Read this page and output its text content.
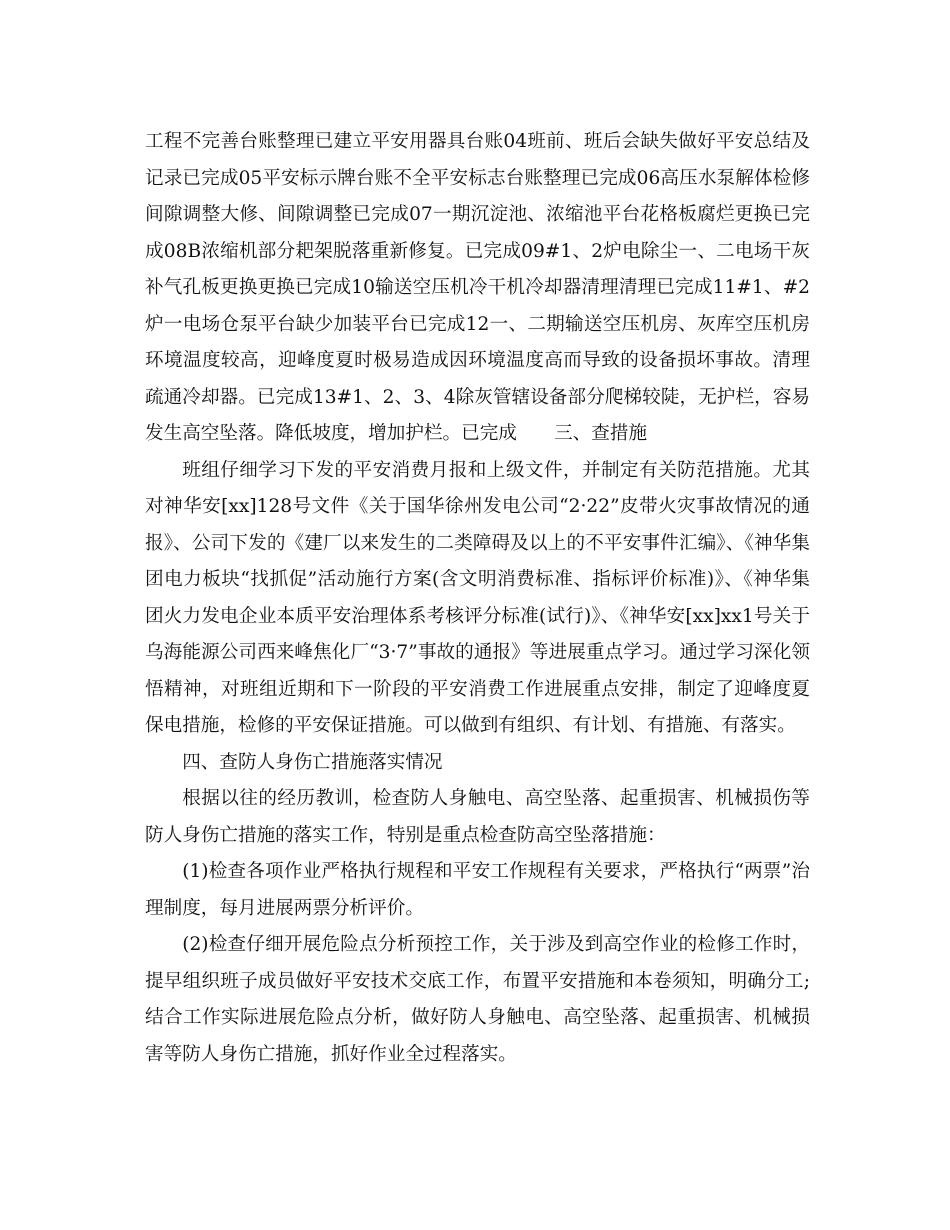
工程不完善台账整理已建立平安用器具台账04班前、班后会缺失做好平安总结及记录已完成05平安标示牌台账不全平安标志台账整理已完成06高压水泵解体检修间隙调整大修、间隙调整已完成07一期沉淀池、浓缩池平台花格板腐烂更换已完成08B浓缩机部分耙架脱落重新修复。已完成09#1、2炉电除尘一、二电场干灰补气孔板更换更换已完成10输送空压机冷干机冷却器清理清理已完成11#1、#2炉一电场仓泵平台缺少加装平台已完成12一、二期输送空压机房、灰库空压机房环境温度较高，迎峰度夏时极易造成因环境温度高而导致的设备损坏事故。清理疏通冷却器。已完成13#1、2、3、4除灰管辖设备部分爬梯较陡，无护栏，容易发生高空坠落。降低坡度，增加护栏。已完成　　三、查措施

班组仔细学习下发的平安消费月报和上级文件，并制定有关防范措施。尤其对神华安[xx]128号文件《关于国华徐州发电公司“2·22”皮带火灾事故情况的通报》、公司下发的《建厂以来发生的二类障碍及以上的不平安事件汇编》、《神华集团电力板块“找抓促”活动施行方案(含文明消费标准、指标评价标准)》、《神华集团火力发电企业本质平安治理体系考核评分标准(试行)》、《神华安[xx]xx1号关于乌海能源公司西来峰焦化厂“3·7”事故的通报》等进展重点学习。通过学习深化领悟精神，对班组近期和下一阶段的平安消费工作进展重点安排，制定了迎峰度夏保电措施，检修的平安保证措施。可以做到有组织、有计划、有措施、有落实。

四、查防人身伤亡措施落实情况

根据以往的经历教训，检查防人身触电、高空坠落、起重损害、机械损伤等防人身伤亡措施的落实工作，特别是重点检查防高空坠落措施：

(1)检查各项作业严格执行规程和平安工作规程有关要求，严格执行“两票”治理制度，每月进展两票分析评价。

(2)检查仔细开展危险点分析预控工作，关于涉及到高空作业的检修工作时，提早组织班子成员做好平安技术交底工作，布置平安措施和本卷须知，明确分工;结合工作实际进展危险点分析，做好防人身触电、高空坠落、起重损害、机械损害等防人身伤亡措施，抓好作业全过程落实。
